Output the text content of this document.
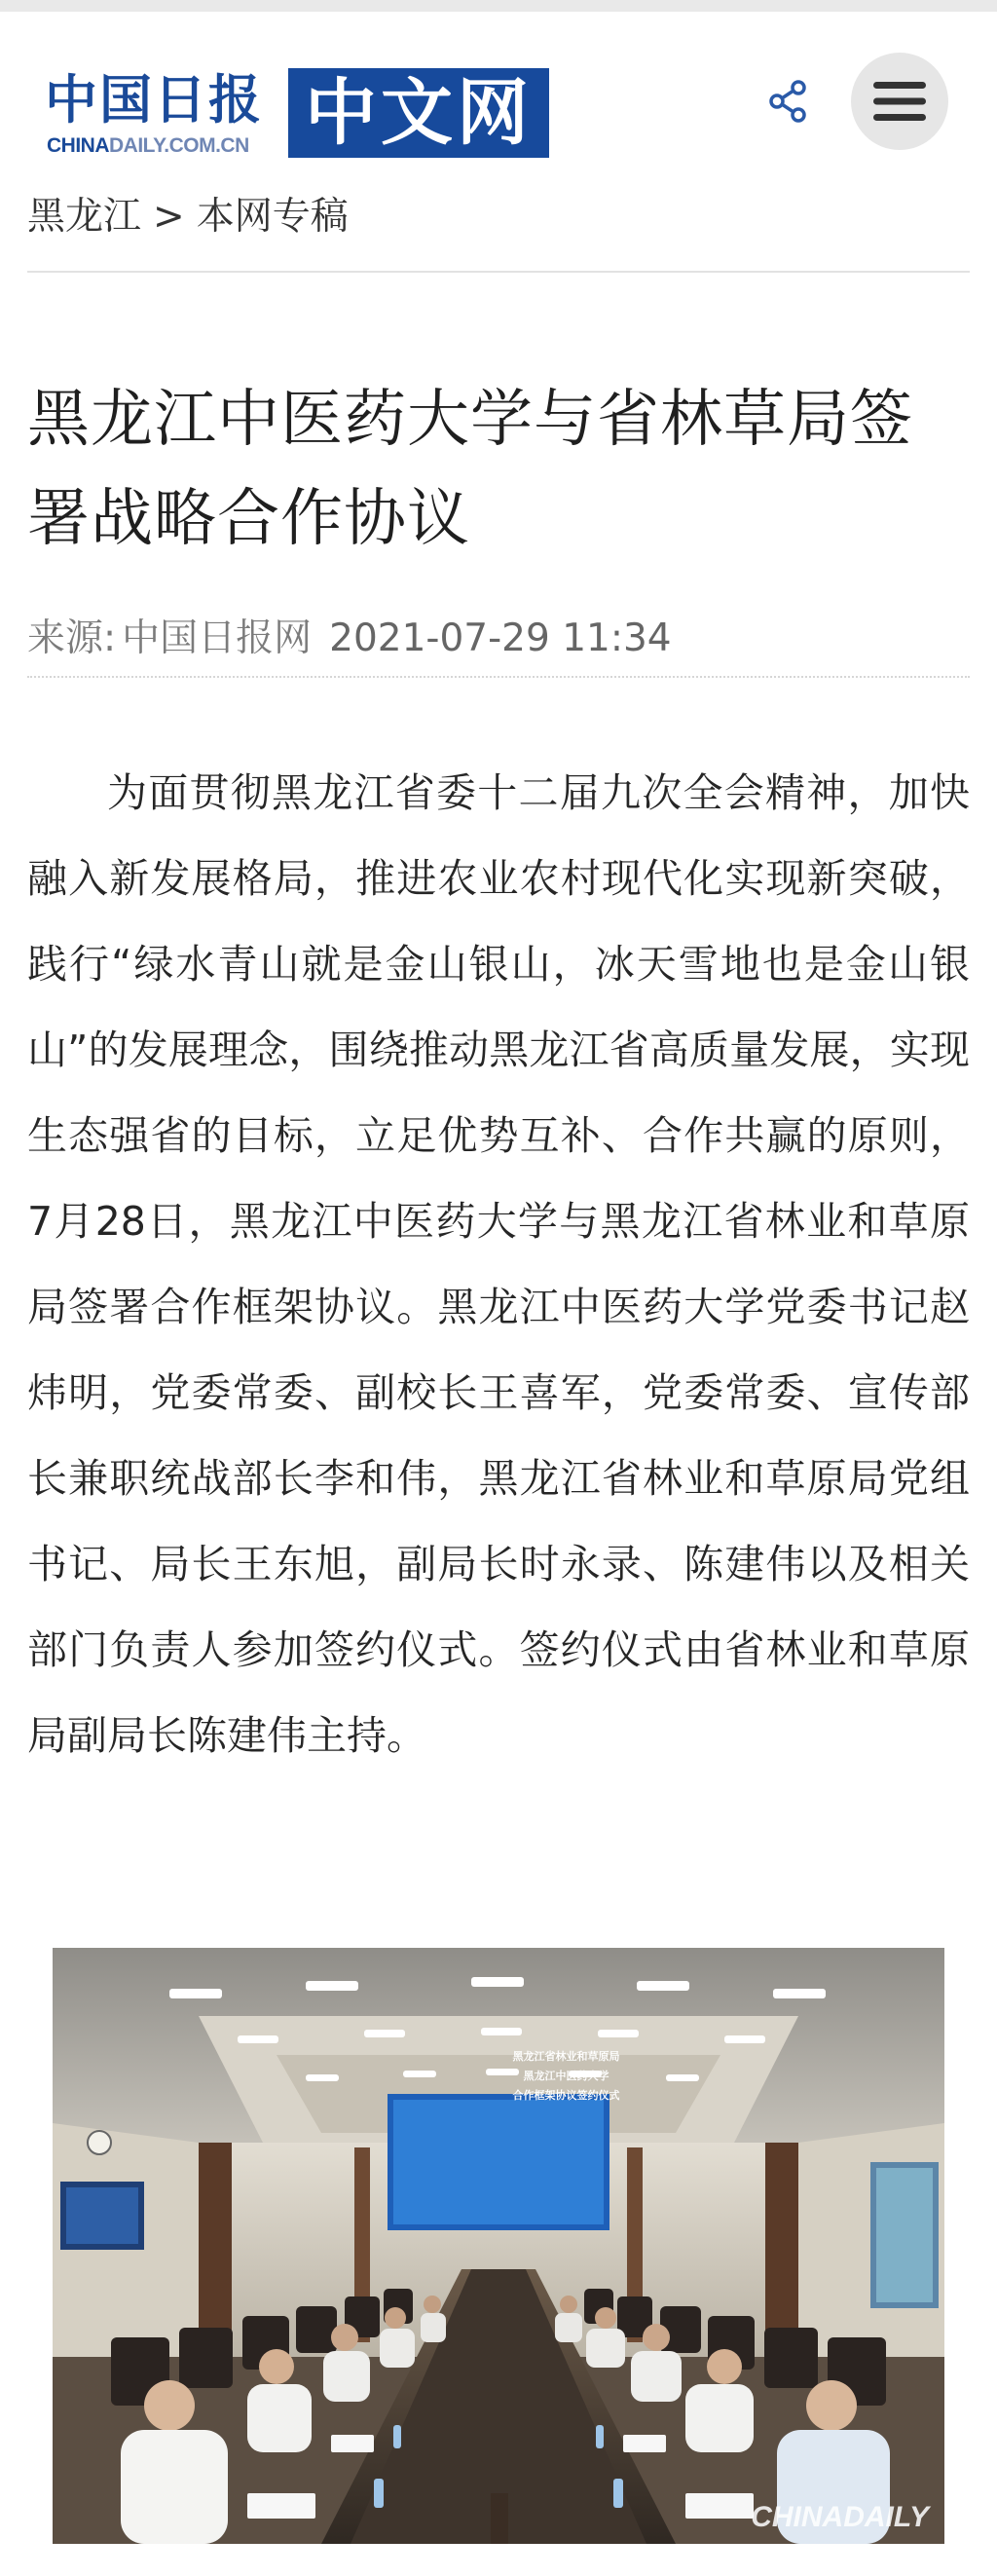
中国日报
CHINADAILY.COM.CN 中文网
黑龙江 > 本网专稿
黑龙江中医药大学与省林草局签署战略合作协议
来源: 中国日报网 2021-07-29 11:34

为面贯彻黑龙江省委十二届九次全会精神，加快融入新发展格局，推进农业农村现代化实现新突破，践行“绿水青山就是金山银山，冰天雪地也是金山银山”的发展理念，围绕推动黑龙江省高质量发展，实现生态强省的目标，立足优势互补、合作共赢的原则， 7月28日，黑龙江中医药大学与黑龙江省林业和草原局签署合作框架协议。黑龙江中医药大学党委书记赵炜明，党委常委、副校长王喜军，党委常委、宣传部长兼职统战部长李和伟，黑龙江省林业和草原局党组书记、局长王东旭，副局长时永录、陈建伟以及相关部门负责人参加签约仪式。签约仪式由省林业和草原局副局长陈建伟主持。

黑龙江省林业和草原局
黑龙江中医药大学
合作框架协议签约仪式
CHINADAILY
